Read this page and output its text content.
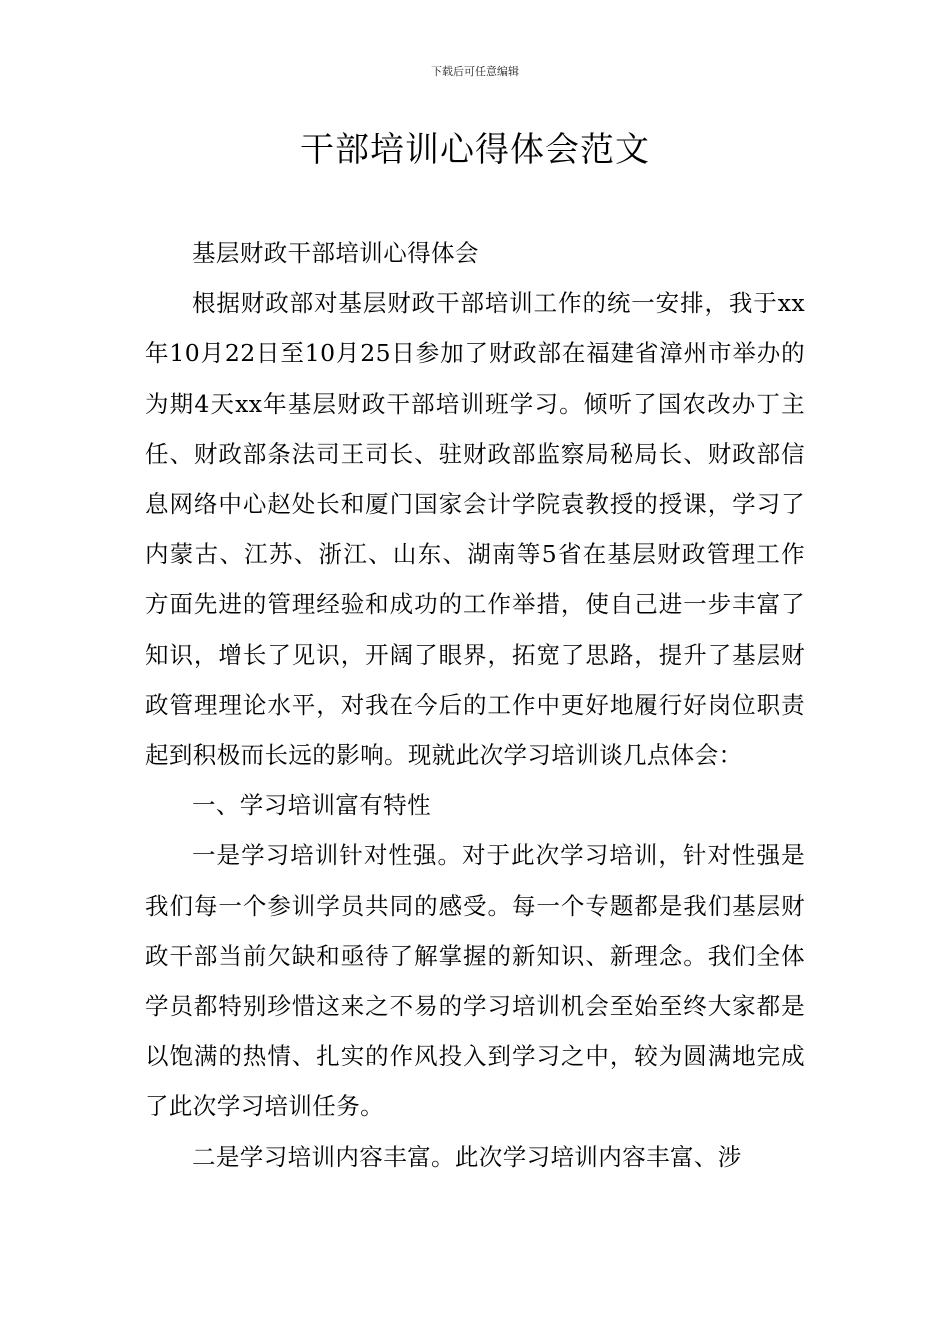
下载后可任意编辑
干部培训心得体会范文

基层财政干部培训心得体会

根据财政部对基层财政干部培训工作的统一安排，我于xx年10月22日至10月25日参加了财政部在福建省漳州市举办的为期4天xx年基层财政干部培训班学习。倾听了国农改办丁主任、财政部条法司王司长、驻财政部监察局秘局长、财政部信息网络中心赵处长和厦门国家会计学院袁教授的授课，学习了内蒙古、江苏、浙江、山东、湖南等5省在基层财政管理工作方面先进的管理经验和成功的工作举措，使自己进一步丰富了知识，增长了见识，开阔了眼界，拓宽了思路，提升了基层财政管理理论水平，对我在今后的工作中更好地履行好岗位职责起到积极而长远的影响。现就此次学习培训谈几点体会：

一、学习培训富有特性

一是学习培训针对性强。对于此次学习培训，针对性强是我们每一个参训学员共同的感受。每一个专题都是我们基层财政干部当前欠缺和亟待了解掌握的新知识、新理念。我们全体学员都特别珍惜这来之不易的学习培训机会至始至终大家都是以饱满的热情、扎实的作风投入到学习之中，较为圆满地完成了此次学习培训任务。

二是学习培训内容丰富。此次学习培训内容丰富、涉
